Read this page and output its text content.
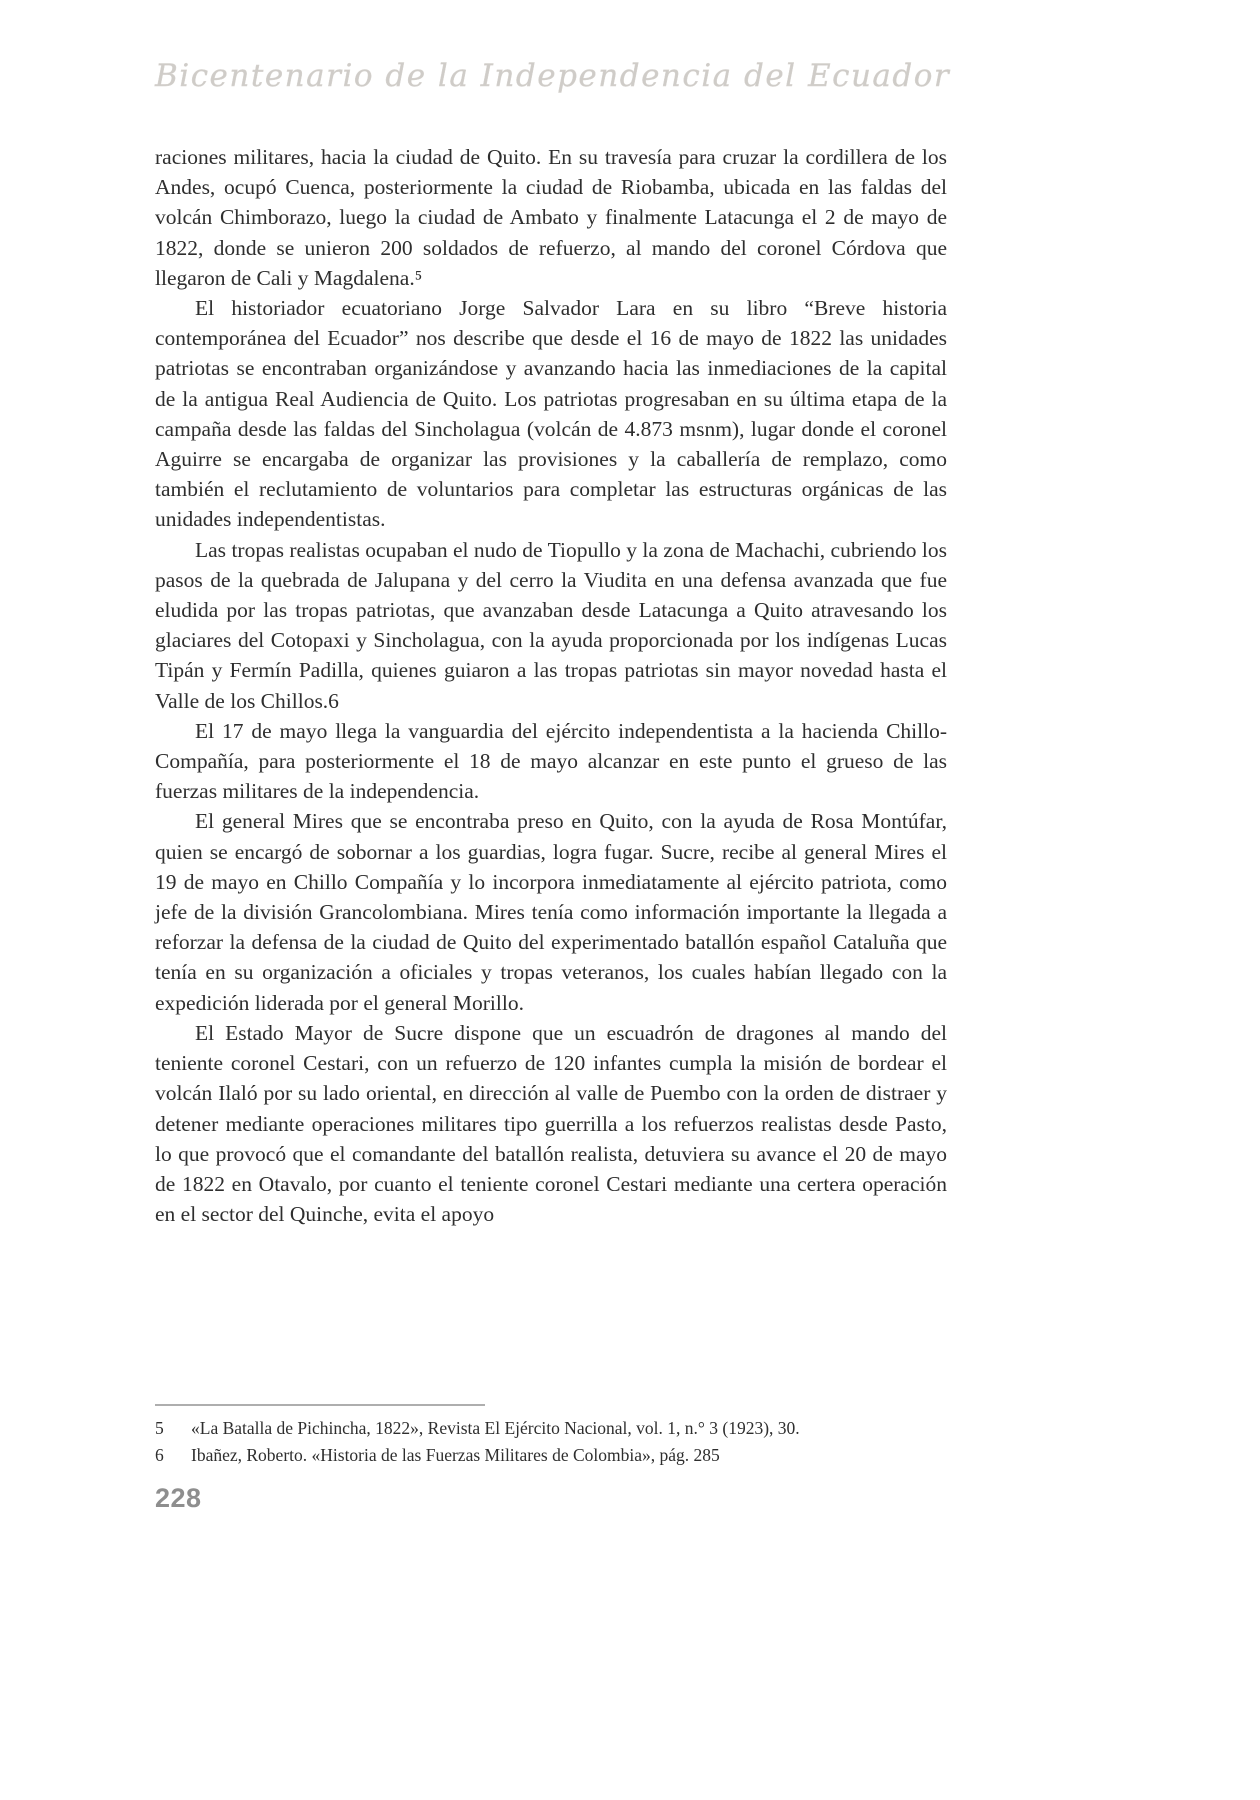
Bicentenario de la Independencia del Ecuador

raciones militares, hacia la ciudad de Quito. En su travesía para cruzar la cordillera de los Andes, ocupó Cuenca, posteriormente la ciudad de Riobamba, ubicada en las faldas del volcán Chimborazo, luego la ciudad de Ambato y finalmente Latacunga el 2 de mayo de 1822, donde se unieron 200 soldados de refuerzo, al mando del coronel Córdova que llegaron de Cali y Magdalena.⁵

El historiador ecuatoriano Jorge Salvador Lara en su libro “Breve historia contemporánea del Ecuador” nos describe que desde el 16 de mayo de 1822 las unidades patriotas se encontraban organizándose y avanzando hacia las inmediaciones de la capital de la antigua Real Audiencia de Quito. Los patriotas progresaban en su última etapa de la campaña desde las faldas del Sincholagua (volcán de 4.873 msnm), lugar donde el coronel Aguirre se encargaba de organizar las provisiones y la caballería de remplazo, como también el reclutamiento de voluntarios para completar las estructuras orgánicas de las unidades independentistas.

Las tropas realistas ocupaban el nudo de Tiopullo y la zona de Machachi, cubriendo los pasos de la quebrada de Jalupana y del cerro la Viudita en una defensa avanzada que fue eludida por las tropas patriotas, que avanzaban desde Latacunga a Quito atravesando los glaciares del Cotopaxi y Sincholagua, con la ayuda proporcionada por los indígenas Lucas Tipán y Fermín Padilla, quienes guiaron a las tropas patriotas sin mayor novedad hasta el Valle de los Chillos.6

El 17 de mayo llega la vanguardia del ejército independentista a la hacienda Chillo-Compañía, para posteriormente el 18 de mayo alcanzar en este punto el grueso de las fuerzas militares de la independencia.

El general Mires que se encontraba preso en Quito, con la ayuda de Rosa Montúfar, quien se encargó de sobornar a los guardias, logra fugar. Sucre, recibe al general Mires el 19 de mayo en Chillo Compañía y lo incorpora inmediatamente al ejército patriota, como jefe de la división Grancolombiana. Mires tenía como información importante la llegada a reforzar la defensa de la ciudad de Quito del experimentado batallón español Cataluña que tenía en su organización a oficiales y tropas veteranos, los cuales habían llegado con la expedición liderada por el general Morillo.

El Estado Mayor de Sucre dispone que un escuadrón de dragones al mando del teniente coronel Cestari, con un refuerzo de 120 infantes cumpla la misión de bordear el volcán Ilaló por su lado oriental, en dirección al valle de Puembo con la orden de distraer y detener mediante operaciones militares tipo guerrilla a los refuerzos realistas desde Pasto, lo que provocó que el comandante del batallón realista, detuviera su avance el 20 de mayo de 1822 en Otavalo, por cuanto el teniente coronel Cestari mediante una certera operación en el sector del Quinche, evita el apoyo

5	«La Batalla de Pichincha, 1822», Revista El Ejército Nacional, vol. 1, n.° 3 (1923), 30.
6	Ibañez, Roberto. «Historia de las Fuerzas Militares de Colombia», pág. 285
228
